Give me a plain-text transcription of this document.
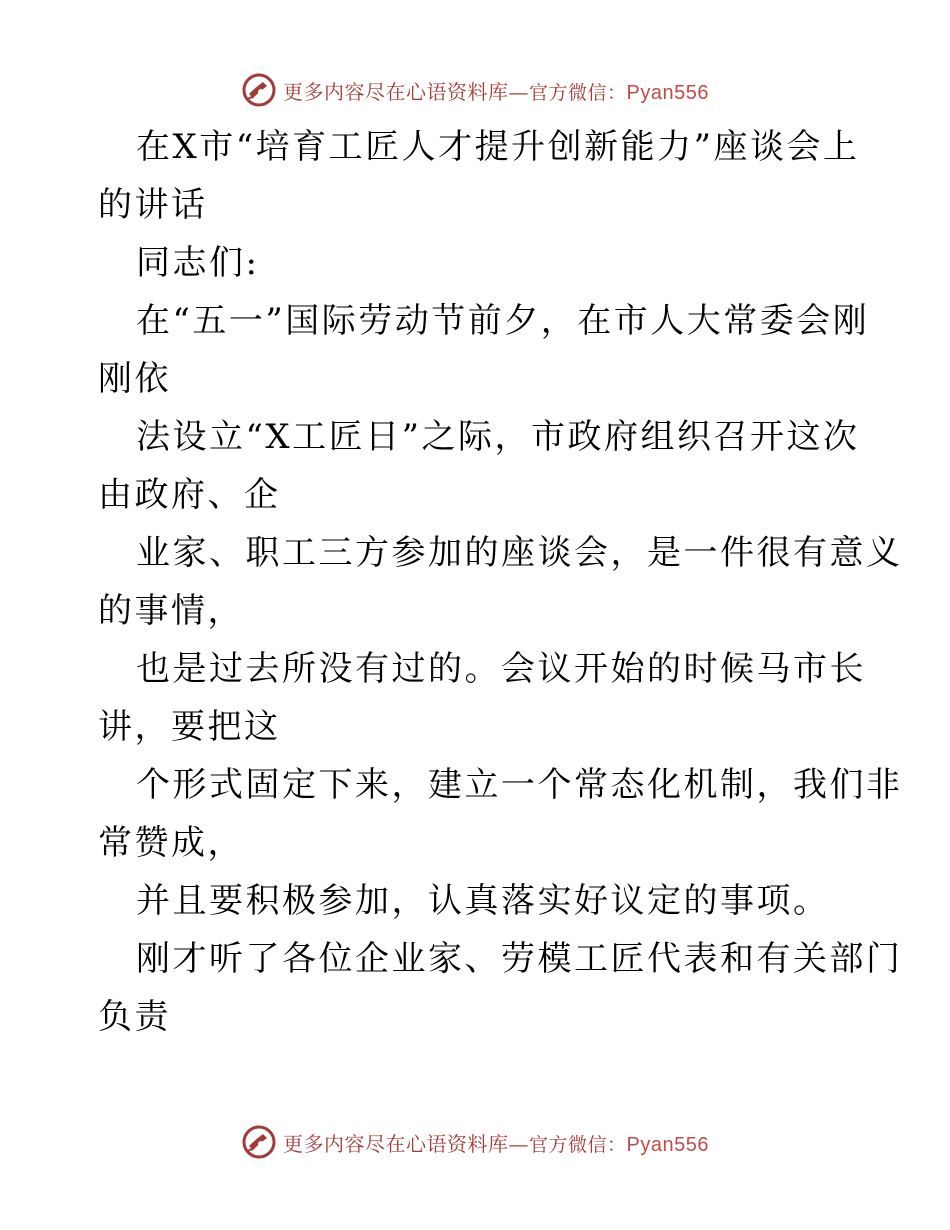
更多内容尽在心语资料库—官方微信：Pyan556
在X市“培育工匠人才提升创新能力”座谈会上
的讲话
同志们:
在“五一”国际劳动节前夕，在市人大常委会刚
刚依
法设立“X工匠日”之际，市政府组织召开这次
由政府、企
业家、职工三方参加的座谈会，是一件很有意义
的事情，
也是过去所没有过的。会议开始的时候马市长
讲，要把这
个形式固定下来，建立一个常态化机制，我们非
常赞成，
并且要积极参加，认真落实好议定的事项。
刚才听了各位企业家、劳模工匠代表和有关部门
负责
更多内容尽在心语资料库—官方微信：Pyan556
